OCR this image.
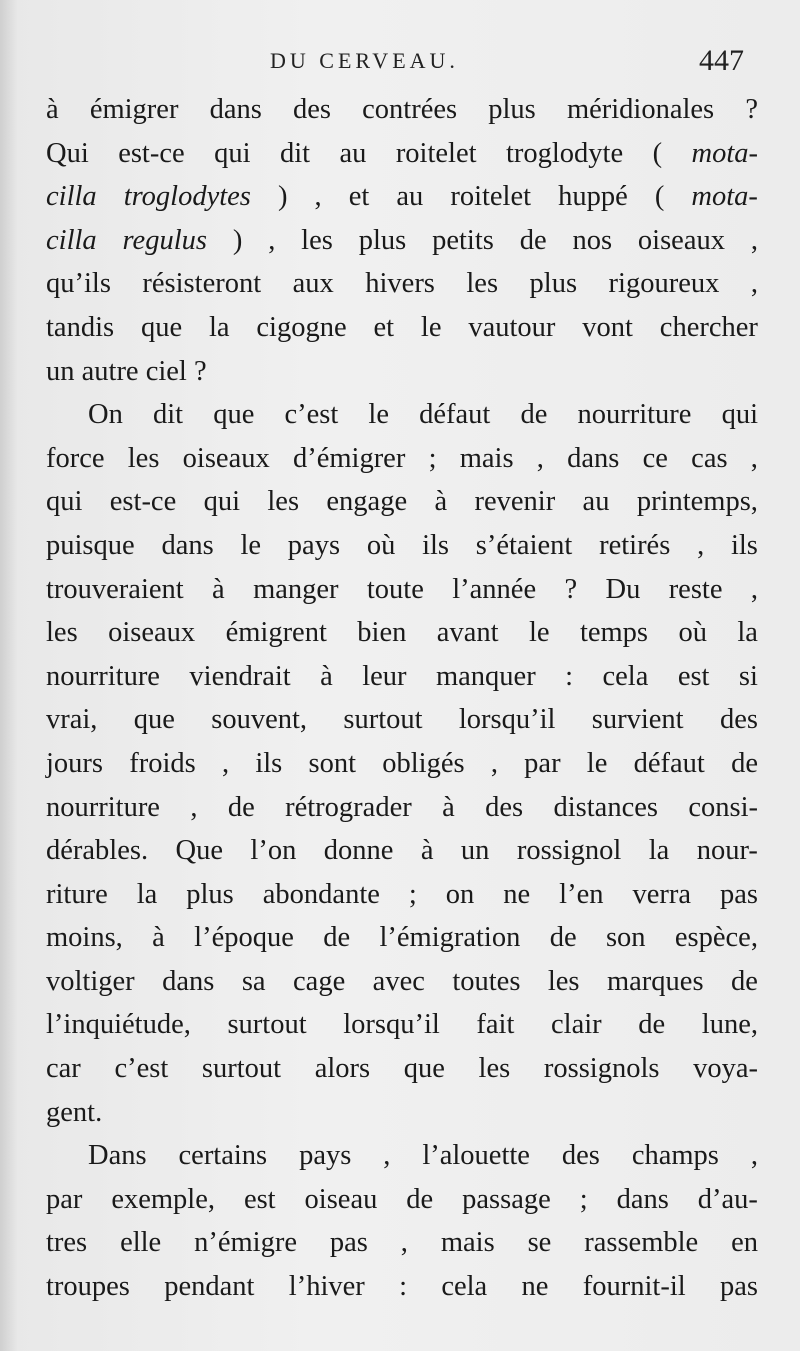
DU CERVEAU.	447
à émigrer dans des contrées plus méridionales ?
Qui est-ce qui dit au roitelet troglodyte ( mota-
cilla troglodytes ) , et au roitelet huppé ( mota-
cilla regulus ) , les plus petits de nos oiseaux ,
qu’ils résisteront aux hivers les plus rigoureux ,
tandis que la cigogne et le vautour vont chercher
un autre ciel ?
On dit que c’est le défaut de nourriture qui
force les oiseaux d’émigrer ; mais , dans ce cas ,
qui est-ce qui les engage à revenir au printemps,
puisque dans le pays où ils s’étaient retirés , ils
trouveraient à manger toute l’année ? Du reste ,
les oiseaux émigrent bien avant le temps où la
nourriture viendrait à leur manquer : cela est si
vrai, que souvent, surtout lorsqu’il survient des
jours froids , ils sont obligés , par le défaut de
nourriture , de rétrograder à des distances consi-
dérables. Que l’on donne à un rossignol la nour-
riture la plus abondante ; on ne l’en verra pas
moins, à l’époque de l’émigration de son espèce,
voltiger dans sa cage avec toutes les marques de
l’inquiétude, surtout lorsqu’il fait clair de lune,
car c’est surtout alors que les rossignols voya-
gent.
Dans certains pays , l’alouette des champs ,
par exemple, est oiseau de passage ; dans d’au-
tres elle n’émigre pas , mais se rassemble en
troupes pendant l’hiver : cela ne fournit-il pas
